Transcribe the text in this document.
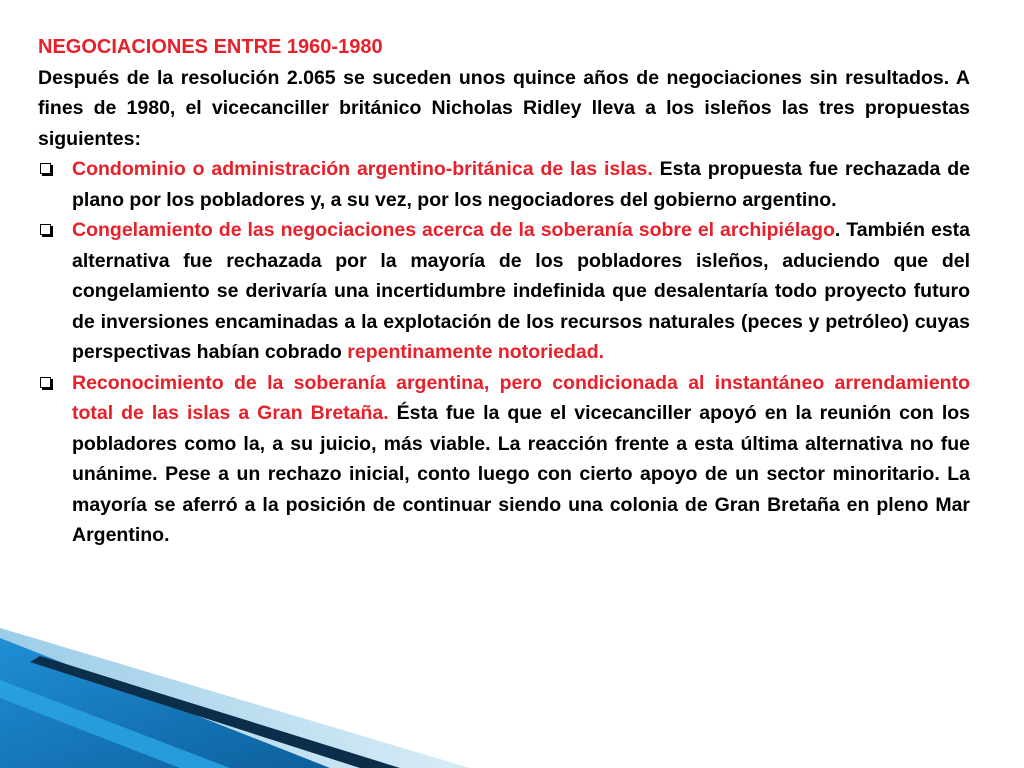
NEGOCIACIONES ENTRE 1960-1980

Después de la resolución 2.065 se suceden unos quince años de negociaciones sin resultados. A fines de 1980, el vicecanciller británico Nicholas Ridley lleva a los isleños las tres propuestas siguientes:

Condominio o administración argentino-británica de las islas. Esta propuesta fue rechazada de plano por los pobladores y, a su vez, por los negociadores del gobierno argentino.
Congelamiento de las negociaciones acerca de la soberanía sobre el archipiélago. También esta alternativa fue rechazada por la mayoría de los pobladores isleños, aduciendo que del congelamiento se derivaría una incertidumbre indefinida que desalentaría todo proyecto futuro de inversiones encaminadas a la explotación de los recursos naturales (peces y petróleo) cuyas perspectivas habían cobrado repentinamente notoriedad.
Reconocimiento de la soberanía argentina, pero condicionada al instantáneo arrendamiento total de las islas a Gran Bretaña. Ésta fue la que el vicecanciller apoyó en la reunión con los pobladores como la, a su juicio, más viable. La reacción frente a esta última alternativa no fue unánime. Pese a un rechazo inicial, conto luego con cierto apoyo de un sector minoritario. La mayoría se aferró a la posición de continuar siendo una colonia de Gran Bretaña en pleno Mar Argentino.
